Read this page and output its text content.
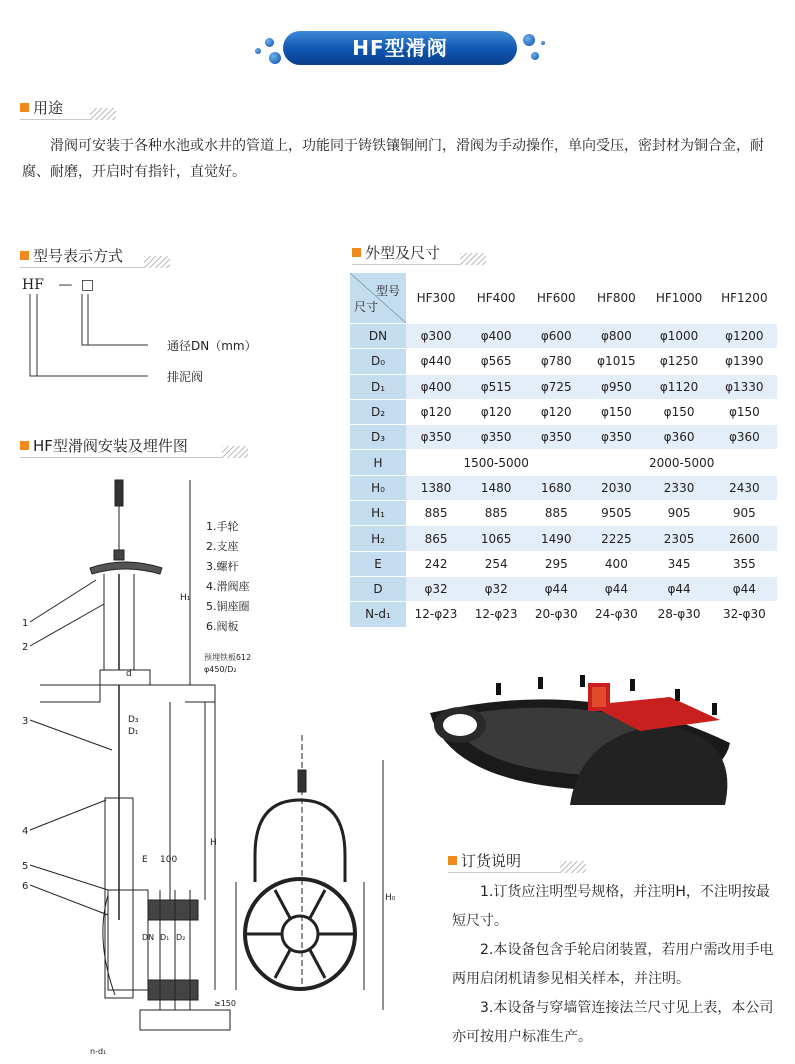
HF型滑阀
用途
滑阀可安装于各种水池或水井的管道上，功能同于铸铁镶铜闸门，滑阀为手动操作，单向受压，密封材为铜合金，耐腐、耐磨，开启时有指针，直觉好。
型号表示方式
HF — □
通径DN（mm）
排泥阀
HF型滑阀安装及埋件图
1
2
3
4
5
6
1.手轮
2.支座
3.螺杆
4.滑阀座
5.铜座圈
6.阀板
预埋铁板δ12
φ450/D₂
d
D₃
D₁
H₁
H
H₀
E 100
DN D₁ D₂
≥150
n-d₁
外型及尺寸
型号
尺寸	HF300	HF400	HF600	HF800	HF1000	HF1200
DN	φ300	φ400	φ600	φ800	φ1000	φ1200
D₀	φ440	φ565	φ780	φ1015	φ1250	φ1390
D₁	φ400	φ515	φ725	φ950	φ1120	φ1330
D₂	φ120	φ120	φ120	φ150	φ150	φ150
D₃	φ350	φ350	φ350	φ350	φ360	φ360
H	1500-5000			2000-5000		
H₀	1380	1480	1680	2030	2330	2430
H₁	885	885	885	9505	905	905
H₂	865	1065	1490	2225	2305	2600
E	242	254	295	400	345	355
D	φ32	φ32	φ44	φ44	φ44	φ44
N-d₁	12-φ23	12-φ23	20-φ30	24-φ30	28-φ30	32-φ30
订货说明

1.订货应注明型号规格，并注明H，不注明按最短尺寸。

2.本设备包含手轮启闭装置，若用户需改用手电两用启闭机请参见相关样本，并注明。

3.本设备与穿墙管连接法兰尺寸见上表，本公司亦可按用户标准生产。
